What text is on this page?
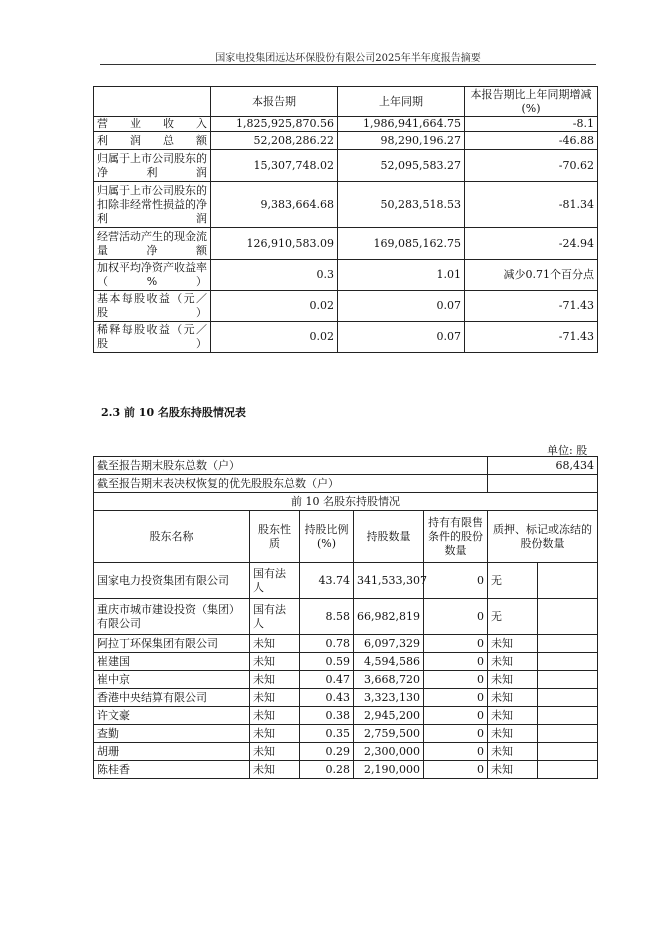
国家电投集团远达环保股份有限公司2025年半年度报告摘要
	本报告期	上年同期	本报告期比上年同期增减(%)
营业收入	1,825,925,870.56	1,986,941,664.75	-8.1
利润总额	52,208,286.22	98,290,196.27	-46.88
归属于上市公司股东的净利润	15,307,748.02	52,095,583.27	-70.62
归属于上市公司股东的扣除非经常性损益的净利润	9,383,664.68	50,283,518.53	-81.34
经营活动产生的现金流量净额	126,910,583.09	169,085,162.75	-24.94
加权平均净资产收益率（%）	0.3	1.01	减少0.71个百分点
基本每股收益（元／股）	0.02	0.07	-71.43
稀释每股收益（元／股）	0.02	0.07	-71.43
2.3 前 10 名股东持股情况表
单位: 股
截至报告期末股东总数（户）					68,434	
截至报告期末表决权恢复的优先股股东总数（户）						
前 10 名股东持股情况						
股东名称	股东性质	持股比例(%)	持股数量	持有有限售条件的股份数量	质押、标记或冻结的股份数量	
国家电力投资集团有限公司	国有法人	43.74	341,533,307	0	无	
重庆市城市建设投资（集团）有限公司	国有法人	8.58	66,982,819	0	无	
阿拉丁环保集团有限公司	未知	0.78	6,097,329	0	未知	
崔建国	未知	0.59	4,594,586	0	未知	
崔中京	未知	0.47	3,668,720	0	未知	
香港中央结算有限公司	未知	0.43	3,323,130	0	未知	
许文豪	未知	0.38	2,945,200	0	未知	
查勤	未知	0.35	2,759,500	0	未知	
胡珊	未知	0.29	2,300,000	0	未知	
陈桂香	未知	0.28	2,190,000	0	未知	
